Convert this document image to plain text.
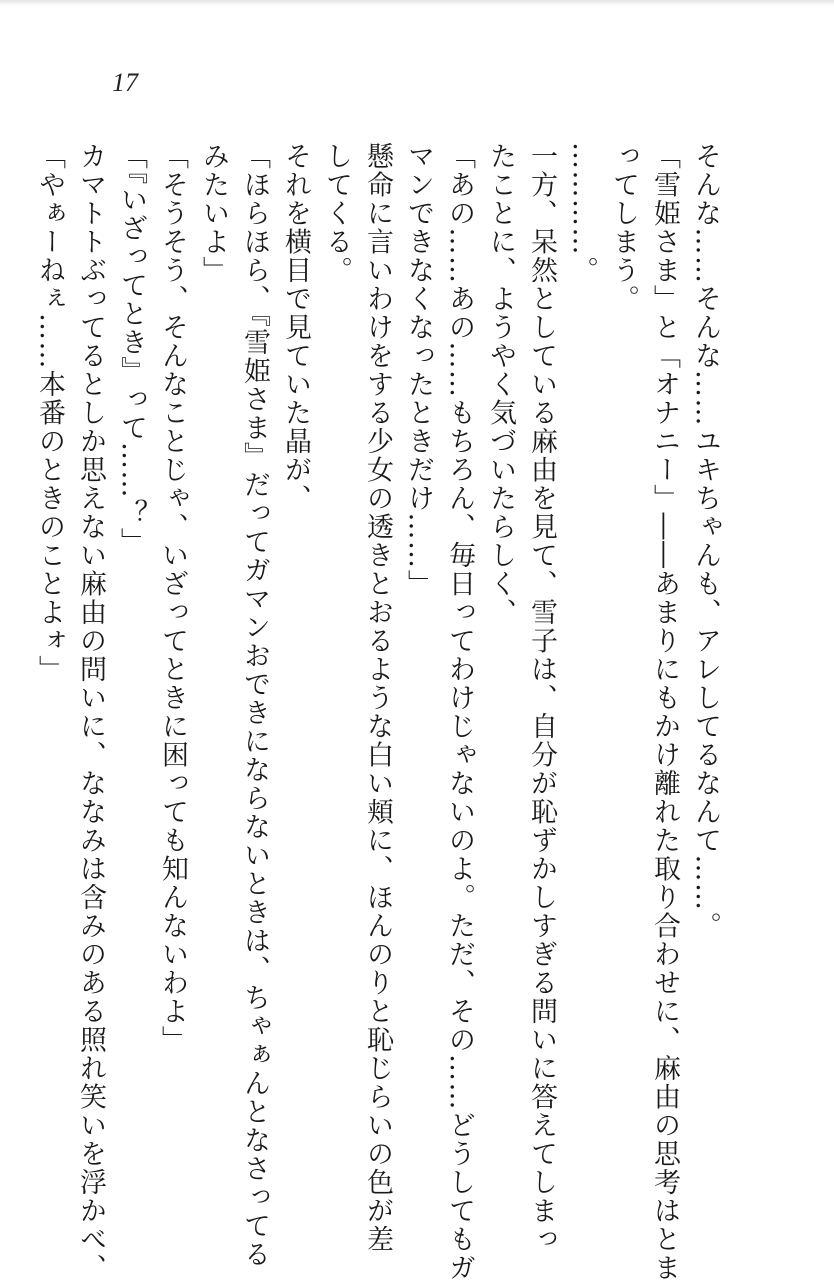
17
そんな……そんな……ユキちゃんも、アレしてるなんて……。
「雪姫さま」と「オナニー」――あまりにもかけ離れた取り合わせに、麻由の思考はとま
ってしまう。
…………。
一方、呆然としている麻由を見て、雪子は、自分が恥ずかしすぎる問いに答えてしまっ
たことに、ようやく気づいたらしく、
「あの……あの……もちろん、毎日ってわけじゃないのよ。ただ、その……どうしてもガ
マンできなくなったときだけ……」
懸命に言いわけをする少女の透きとおるような白い頬に、ほんのりと恥じらいの色が差
してくる。
それを横目で見ていた晶が、
「ほらほら、『雪姫さま』だってガマンおできにならないときは、ちゃぁんとなさってる
みたいよ」
「そうそう、そんなことじゃ、いざってときに困っても知んないわよ」
「『いざってとき』って……？」
カマトトぶってるとしか思えない麻由の問いに、ななみは含みのある照れ笑いを浮かべ、
「やぁーねぇ……本番のときのことよォ」
